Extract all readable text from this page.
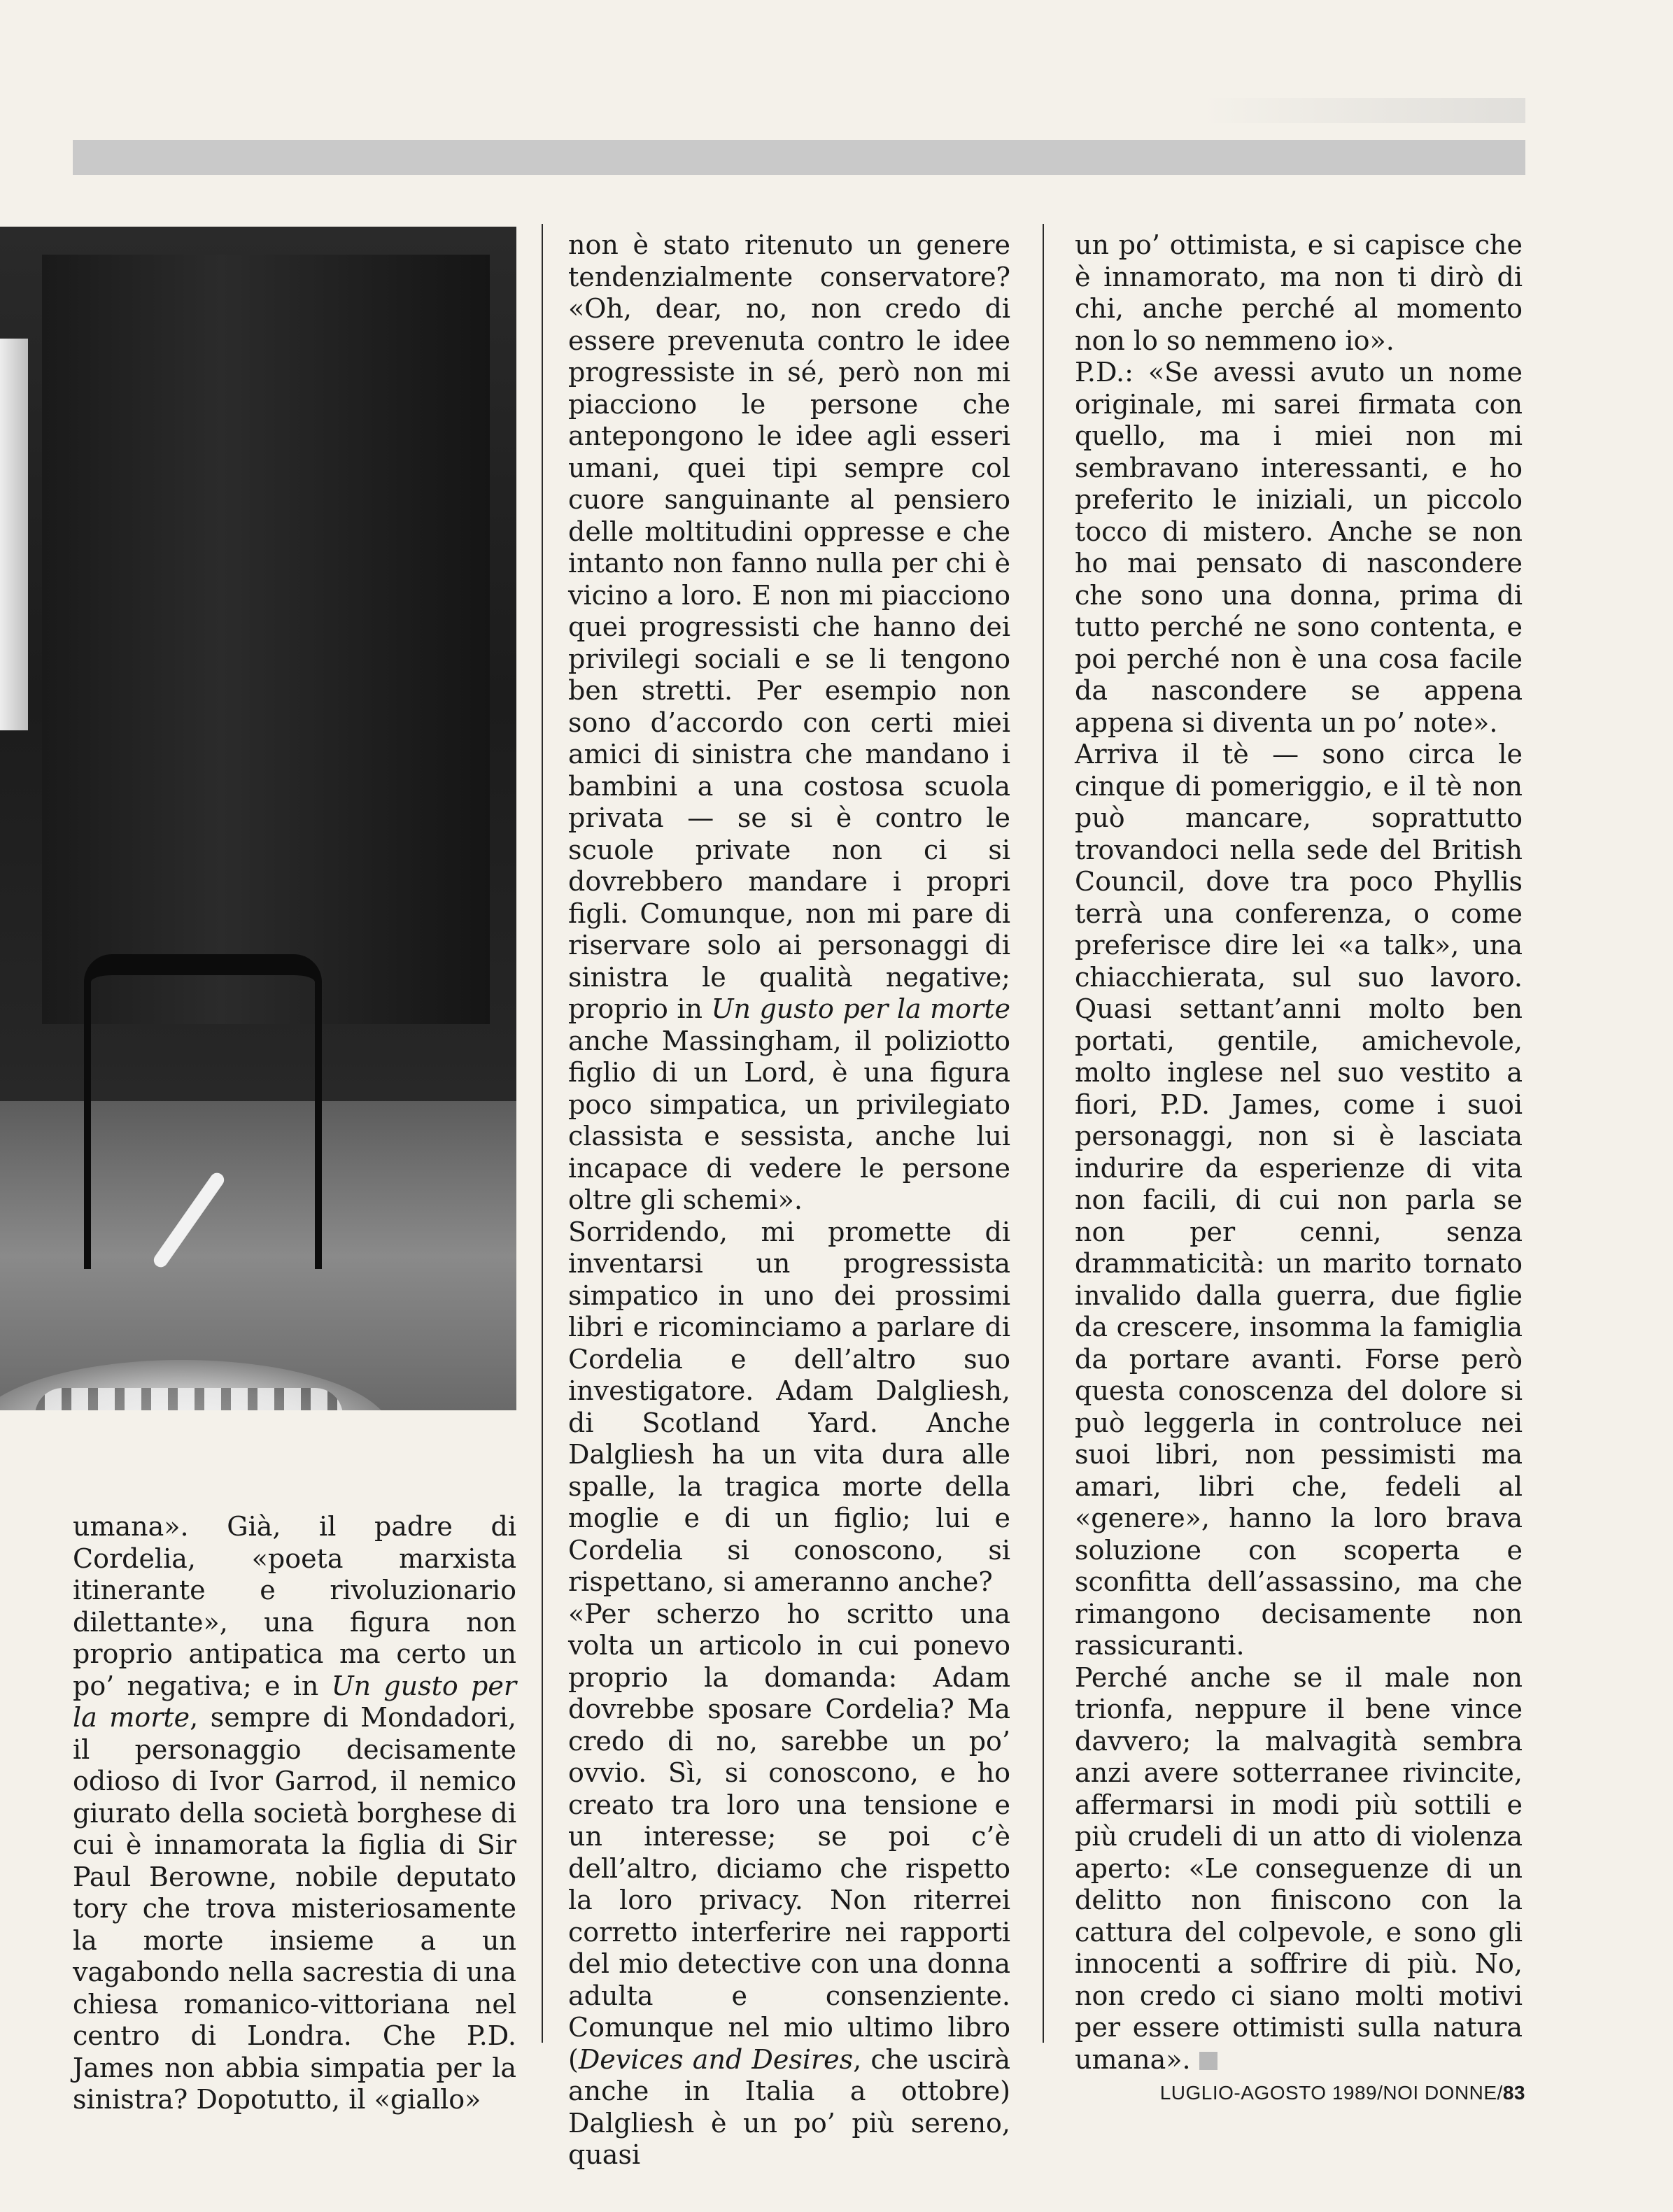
umana». Già, il padre di Cordelia, «poeta marxista itinerante e rivoluzionario dilettante», una figura non proprio antipatica ma certo un po’ negativa; e in Un gusto per la morte, sempre di Mondadori, il personaggio decisamente odioso di Ivor Garrod, il nemico giurato della società borghese di cui è innamorata la figlia di Sir Paul Berowne, nobile deputato tory che trova misteriosamente la morte insieme a un vagabondo nella sacrestia di una chiesa romanico-vittoriana nel centro di Londra. Che P.D. James non abbia simpatia per la sinistra? Dopotutto, il «giallo»

non è stato ritenuto un genere tendenzialmente conservatore? «Oh, dear, no, non credo di essere prevenuta contro le idee progressiste in sé, però non mi piacciono le persone che antepongono le idee agli esseri umani, quei tipi sempre col cuore sanguinante al pensiero delle moltitudini oppresse e che intanto non fanno nulla per chi è vicino a loro. E non mi piacciono quei progressisti che hanno dei privilegi sociali e se li tengono ben stretti. Per esempio non sono d’accordo con certi miei amici di sinistra che mandano i bambini a una costosa scuola privata — se si è contro le scuole private non ci si dovrebbero mandare i propri figli. Comunque, non mi pare di riservare solo ai personaggi di sinistra le qualità negative; proprio in Un gusto per la morte anche Massingham, il poliziotto figlio di un Lord, è una figura poco simpatica, un privilegiato classista e sessista, anche lui incapace di vedere le persone oltre gli schemi».

Sorridendo, mi promette di inventarsi un progressista simpatico in uno dei prossimi libri e ricominciamo a parlare di Cordelia e dell’altro suo investigatore. Adam Dalgliesh, di Scotland Yard. Anche Dalgliesh ha un vita dura alle spalle, la tragica morte della moglie e di un figlio; lui e Cordelia si conoscono, si rispettano, si ameranno anche?

«Per scherzo ho scritto una volta un articolo in cui ponevo proprio la domanda: Adam dovrebbe sposare Cordelia? Ma credo di no, sarebbe un po’ ovvio. Sì, si conoscono, e ho creato tra loro una tensione e un interesse; se poi c’è dell’altro, diciamo che rispetto la loro privacy. Non riterrei corretto interferire nei rapporti del mio detective con una donna adulta e consenziente. Comunque nel mio ultimo libro (Devices and Desires, che uscirà anche in Italia a ottobre) Dalgliesh è un po’ più sereno, quasi

un po’ ottimista, e si capisce che è innamorato, ma non ti dirò di chi, anche perché al momento non lo so nemmeno io».

P.D.: «Se avessi avuto un nome originale, mi sarei firmata con quello, ma i miei non mi sembravano interessanti, e ho preferito le iniziali, un piccolo tocco di mistero. Anche se non ho mai pensato di nascondere che sono una donna, prima di tutto perché ne sono contenta, e poi perché non è una cosa facile da nascondere se appena appena si diventa un po’ note».

Arriva il tè — sono circa le cinque di pomeriggio, e il tè non può mancare, soprattutto trovandoci nella sede del British Council, dove tra poco Phyllis terrà una conferenza, o come preferisce dire lei «a talk», una chiacchierata, sul suo lavoro. Quasi settant’anni molto ben portati, gentile, amichevole, molto inglese nel suo vestito a fiori, P.D. James, come i suoi personaggi, non si è lasciata indurire da esperienze di vita non facili, di cui non parla se non per cenni, senza drammaticità: un marito tornato invalido dalla guerra, due figlie da crescere, insomma la famiglia da portare avanti. Forse però questa conoscenza del dolore si può leggerla in controluce nei suoi libri, non pessimisti ma amari, libri che, fedeli al «genere», hanno la loro brava soluzione con scoperta e sconfitta dell’assassino, ma che rimangono decisamente non rassicuranti.

Perché anche se il male non trionfa, neppure il bene vince davvero; la malvagità sembra anzi avere sotterranee rivincite, affermarsi in modi più sottili e più crudeli di un atto di violenza aperto: «Le conseguenze di un delitto non finiscono con la cattura del colpevole, e sono gli innocenti a soffrire di più. No, non credo ci siano molti motivi per essere ottimisti sulla natura umana».

LUGLIO-AGOSTO 1989/NOI DONNE/83
